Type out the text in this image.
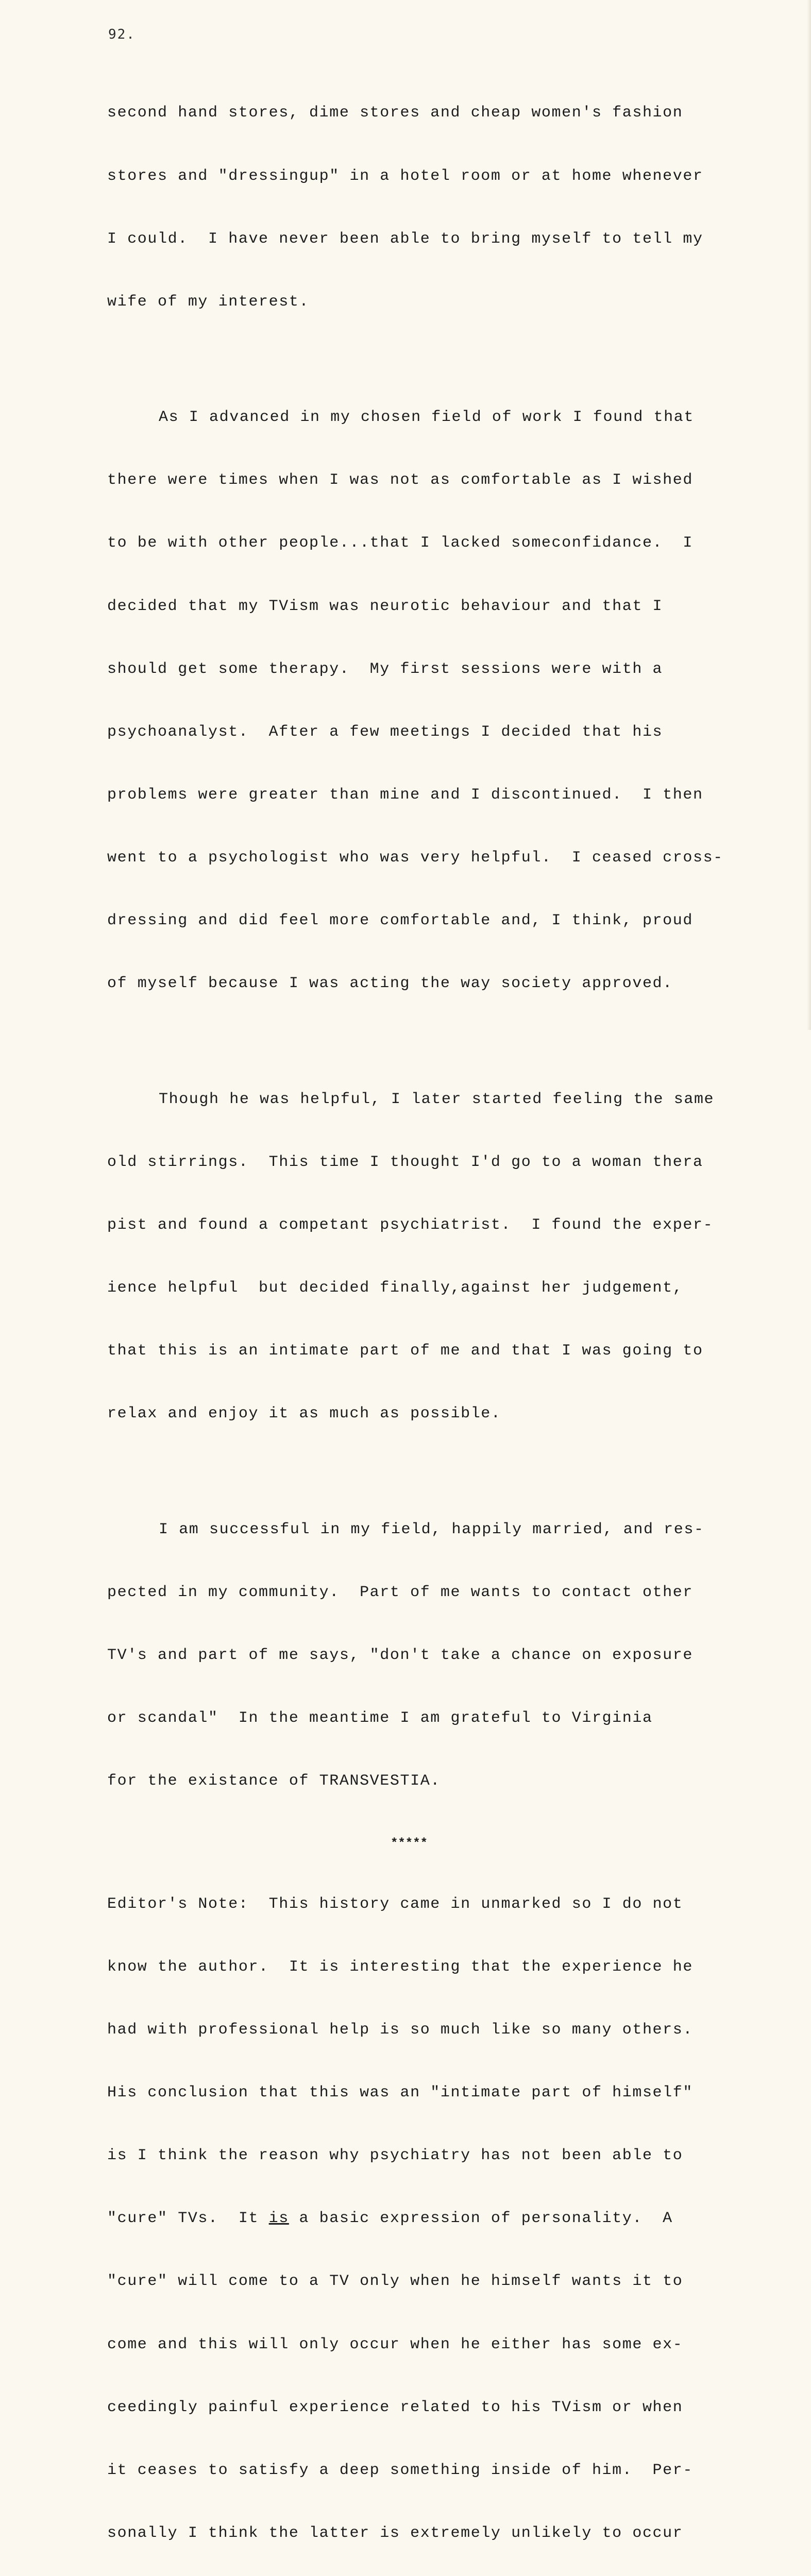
92.

second hand stores, dime stores and cheap women's fashion

stores and "dressingup" in a hotel room or at home whenever

I could.  I have never been able to bring myself to tell my

wife of my interest.

As I advanced in my chosen field of work I found that

there were times when I was not as comfortable as I wished

to be with other people...that I lacked someconfidance.  I

decided that my TVism was neurotic behaviour and that I

should get some therapy.  My first sessions were with a

psychoanalyst.  After a few meetings I decided that his

problems were greater than mine and I discontinued.  I then

went to a psychologist who was very helpful.  I ceased cross-

dressing and did feel more comfortable and, I think, proud

of myself because I was acting the way society approved.

Though he was helpful, I later started feeling the same

old stirrings.  This time I thought I'd go to a woman thera

pist and found a competant psychiatrist.  I found the exper-

ience helpful  but decided finally,against her judgement,

that this is an intimate part of me and that I was going to

relax and enjoy it as much as possible.

I am successful in my field, happily married, and res-

pected in my community.  Part of me wants to contact other

TV's and part of me says, "don't take a chance on exposure

or scandal"  In the meantime I am grateful to Virginia

for the existance of TRANSVESTIA.

*****

Editor's Note:  This history came in unmarked so I do not

know the author.  It is interesting that the experience he

had with professional help is so much like so many others.

His conclusion that this was an "intimate part of himself"

is I think the reason why psychiatry has not been able to

"cure" TVs.  It is a basic expression of personality.  A

"cure" will come to a TV only when he himself wants it to

come and this will only occur when he either has some ex-

ceedingly painful experience related to his TVism or when

it ceases to satisfy a deep something inside of him.  Per-

sonally I think the latter is extremely unlikely to occur
